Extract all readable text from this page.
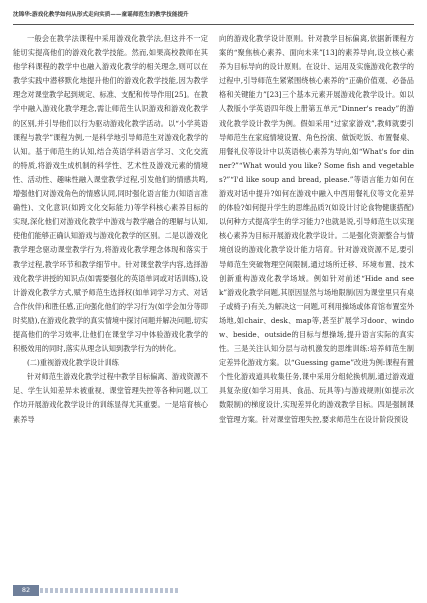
沈锦华:游戏化教学如何从形式走向实质——童谣师范生的教学技能提升

一般会在教学法课程中采用游戏化教学法,但这并不一定能切实提高他们的游戏化教学技能。然而,如果高校教师在其他学科课程的教学中也融入游戏化教学的相关理念,则可以在教学实践中潜移默化地提升他们的游戏化教学技能,因为教学理念对课堂教学起到规定、标准、支配和传导作用[25]。在教学中融入游戏化教学理念,需让师范生认识游戏和游戏化教学的区别,并引导他们以行为驱动游戏化教学活动。以“小学英语课程与教学”课程为例,一是科学地引导师范生对游戏化教学的认知。基于师范生的认知,结合英语学科语言学习、文化交流的特质,将游戏生成机制的科学性、艺术性及游戏元素的情境性、活动性、趣味性融入课堂教学过程,引发他们的情感共鸣,增强他们对游戏角色的情感认同,同时强化语言能力(知语言准确性)、文化意识(如跨文化交际能力)等学科核心素养目标的实现,深化他们对游戏化教学中游戏与教学融合的理解与认知,使他们能够正确认知游戏与游戏化教学的区别。二是以游戏化教学理念驱动课堂教学行为,将游戏化教学理念体现和落实于教学过程,教学环节和教学细节中。针对课堂教学内容,选择游戏化教学讲授的知识点(如需要强化的英语单词或对话训练),设计游戏化教学方式,赋予师范生选择权(如单词学习方式、对话合作伙伴)和胜任感,正向强化他们的学习行为(如学会加分等即时奖励),在游戏化教学的真实情境中探讨问题并解决问题,切实提高他们的学习效率,让他们在课堂学习中体验游戏化教学的积极效用的同时,落实从理念认知到教学行为的转化。

(二)重视游戏化教学设计训练

针对师范生游戏化教学过程中教学目标偏离、游戏资源不足、学生认知差异未被重视、课堂管理失控等各种问题,以工作坊开展游戏化教学设计的训练显得尤其重要。一是培育核心素养导

向的游戏化教学设计原则。针对教学目标偏离,依据新课程方案的“聚焦核心素养、面向未来”[13]的素养导向,设立核心素养为目标导向的设计原则。在设计、运用及实施游戏化教学的过程中,引导师范生紧紧围绕核心素养的“正确价值观、必备品格和关键能力”[23]三个基本元素开展游戏化教学设计。如以人教版小学英语四年级上册第五单元“Dinner's ready”的游戏化教学设计教学为例。假如采用“过家家游戏”,教师就要引导师范生在家庭情境设置、角色扮演、做饭吃饭、布置餐桌、用餐礼仪等设计中以英语核心素养为导向,如“What's for dinner?”“What would you like? Some fish and vegetables?”“I'd like soup and bread, please.”等语言能力如何在游戏对话中提升?如何在游戏中融入中西用餐礼仪等文化差异的体验?如何提升学生的思维品质?(如设计讨论食物健康搭配)以何种方式提高学生的学习能力?也就是说,引导师范生以实现核心素养为目标开展游戏化教学设计。二是强化资源整合与情境创设的游戏化教学设计能力培育。针对游戏资源不足,要引导师范生突破物理空间限制,通过场所迁移、环境布置、技术创新重构游戏化教学场域。例如针对前述“Hide and seek”游戏化教学问题,其原因显然与场地限制(因为课堂里只有桌子或椅子)有关,为解决这一问题,可利用操场或体育馆布置室外场地,如chair、desk、map等,甚至扩展学习door、window、beside、outside的目标与想操场,提升语言实际的真实性。三是关注认知分层与动机激发的思维训练:培养师范生制定差异化游戏方案。以“Guessing game”改进为例:课程有置个性化游戏道具收集任务,课中采用分组轮换机制,通过游戏道具复杂度(如学习用具、食品、玩具等)与游戏规则(如提示次数限制)的梯度设计,实现差异化的游戏教学目标。四是强制课堂管理方案。针对课堂管理失控,要求师范生在设计阶段预设

82
